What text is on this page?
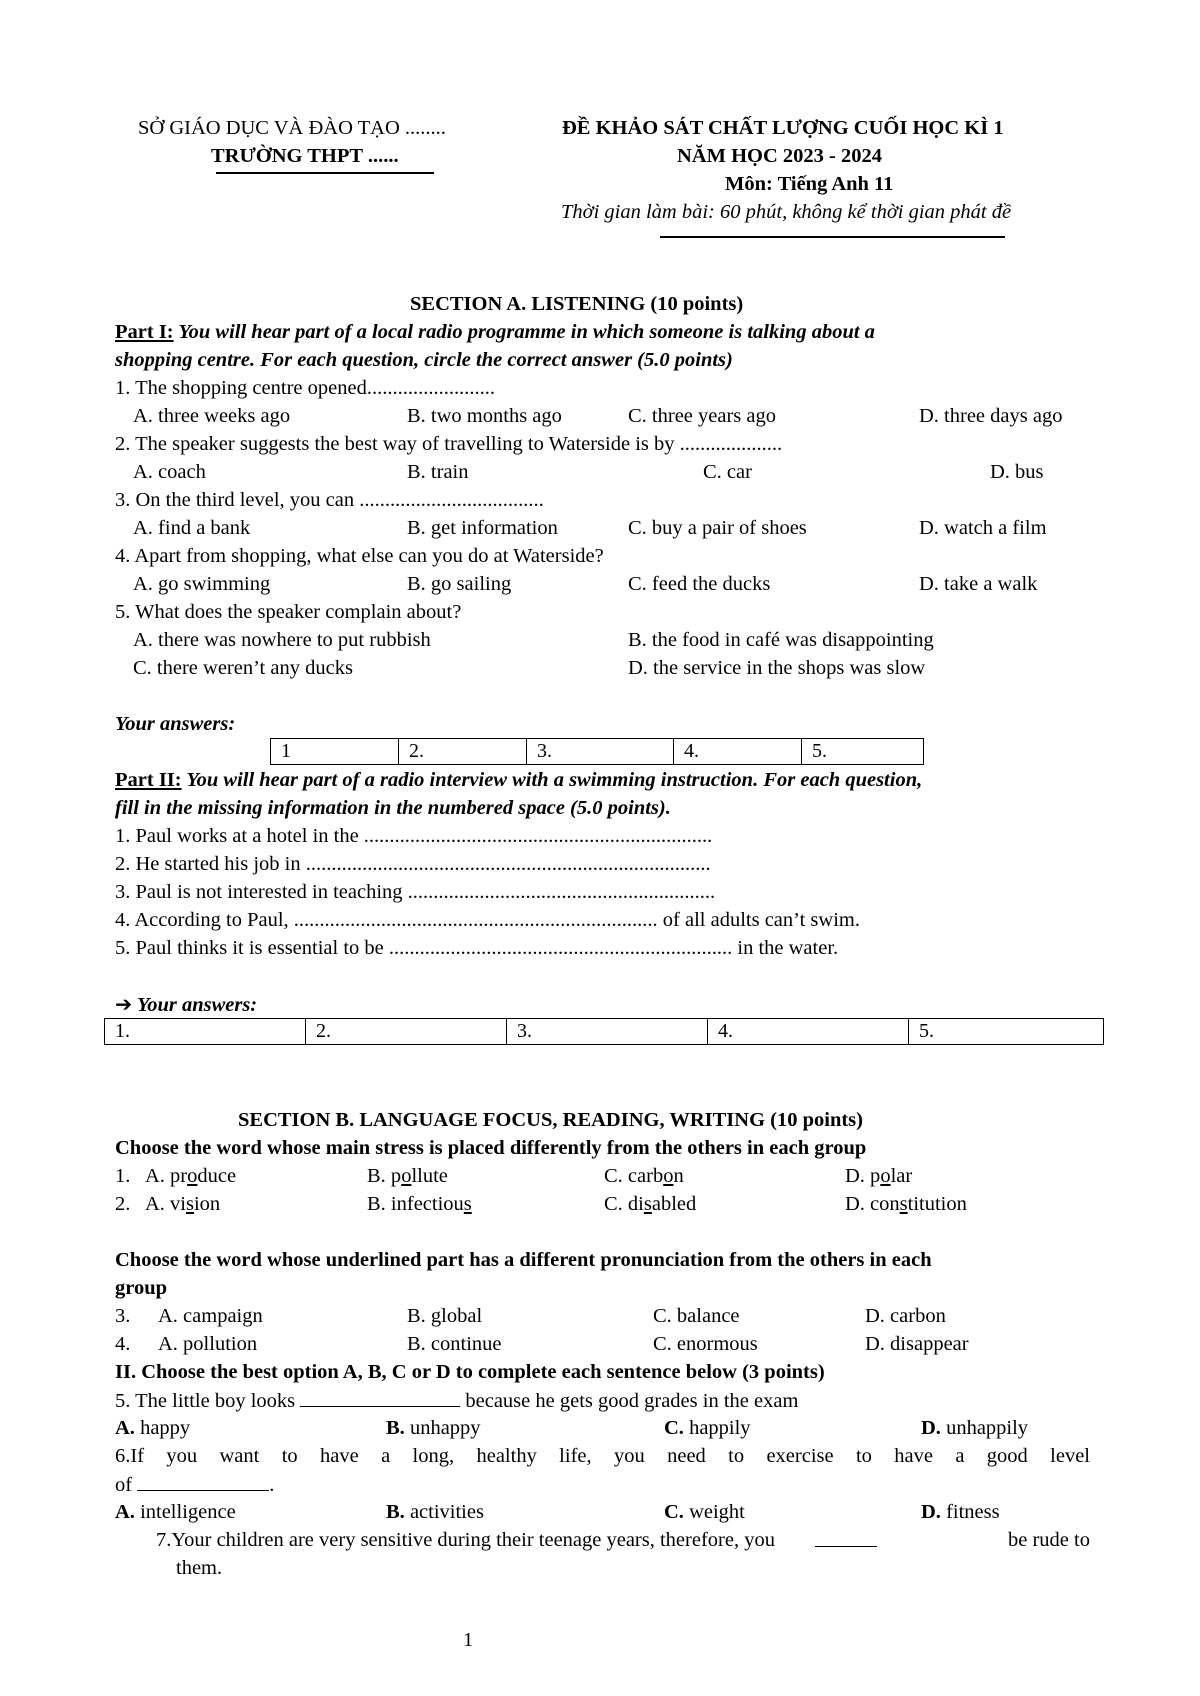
SỞ GIÁO DỤC VÀ ĐÀO TẠO ........
TRƯỜNG THPT ......
ĐỀ KHẢO SÁT CHẤT LƯỢNG CUỐI HỌC KÌ 1
NĂM HỌC 2023 - 2024
Môn: Tiếng Anh 11
Thời gian làm bài: 60 phút, không kể thời gian phát đề
SECTION A. LISTENING (10 points)
Part I: You will hear part of a local radio programme in which someone is talking about a
shopping centre. For each question, circle the correct answer (5.0 points)
1. The shopping centre opened.........................
A. three weeks ago	B. two months ago	C. three years ago	D. three days ago
2. The speaker suggests the best way of travelling to Waterside is by ....................
A. coach	B. train	C. car	D. bus
3. On the third level, you can ....................................
A. find a bank	B. get information	C. buy a pair of shoes	D. watch a film
4. Apart from shopping, what else can you do at Waterside?
A. go swimming	B. go sailing	C. feed the ducks	D. take a walk
5. What does the speaker complain about?
A. there was nowhere to put rubbish	B. the food in café was disappointing
C. there weren’t any ducks	D. the service in the shops was slow
Your answers:
1	2.	3.	4.	5.
Part II: You will hear part of a radio interview with a swimming instruction. For each question,
fill in the missing information in the numbered space (5.0 points).
1. Paul works at a hotel in the ....................................................................
2. He started his job in ...............................................................................
3. Paul is not interested in teaching ............................................................
4. According to Paul, ....................................................................... of all adults can’t swim.
5. Paul thinks it is essential to be ................................................................... in the water.
➔ Your answers:
1.	2.	3.	4.	5.
SECTION B. LANGUAGE FOCUS, READING, WRITING (10 points)
Choose the word whose main stress is placed differently from the others in each group
1. A. produce	B. pollute	C. carbon	D. polar
2. A. vision	B. infectious	C. disabled	D. constitution
Choose the word whose underlined part has a different pronunciation from the others in each
group
3. A. campaign	B. global	C. balance	D. carbon
4. A. pollution	B. continue	C. enormous	D. disappear
II. Choose the best option A, B, C or D to complete each sentence below (3 points)
5. The little boy looks	because he gets good grades in the exam
A. happy	B. unhappy	C. happily	D. unhappily
6.If you want to have a long, healthy life, you need to exercise to have a good level
of	.
A. intelligence	B. activities	C. weight	D. fitness
7.Your children are very sensitive during their teenage years, therefore, you	be rude to
them.
1
